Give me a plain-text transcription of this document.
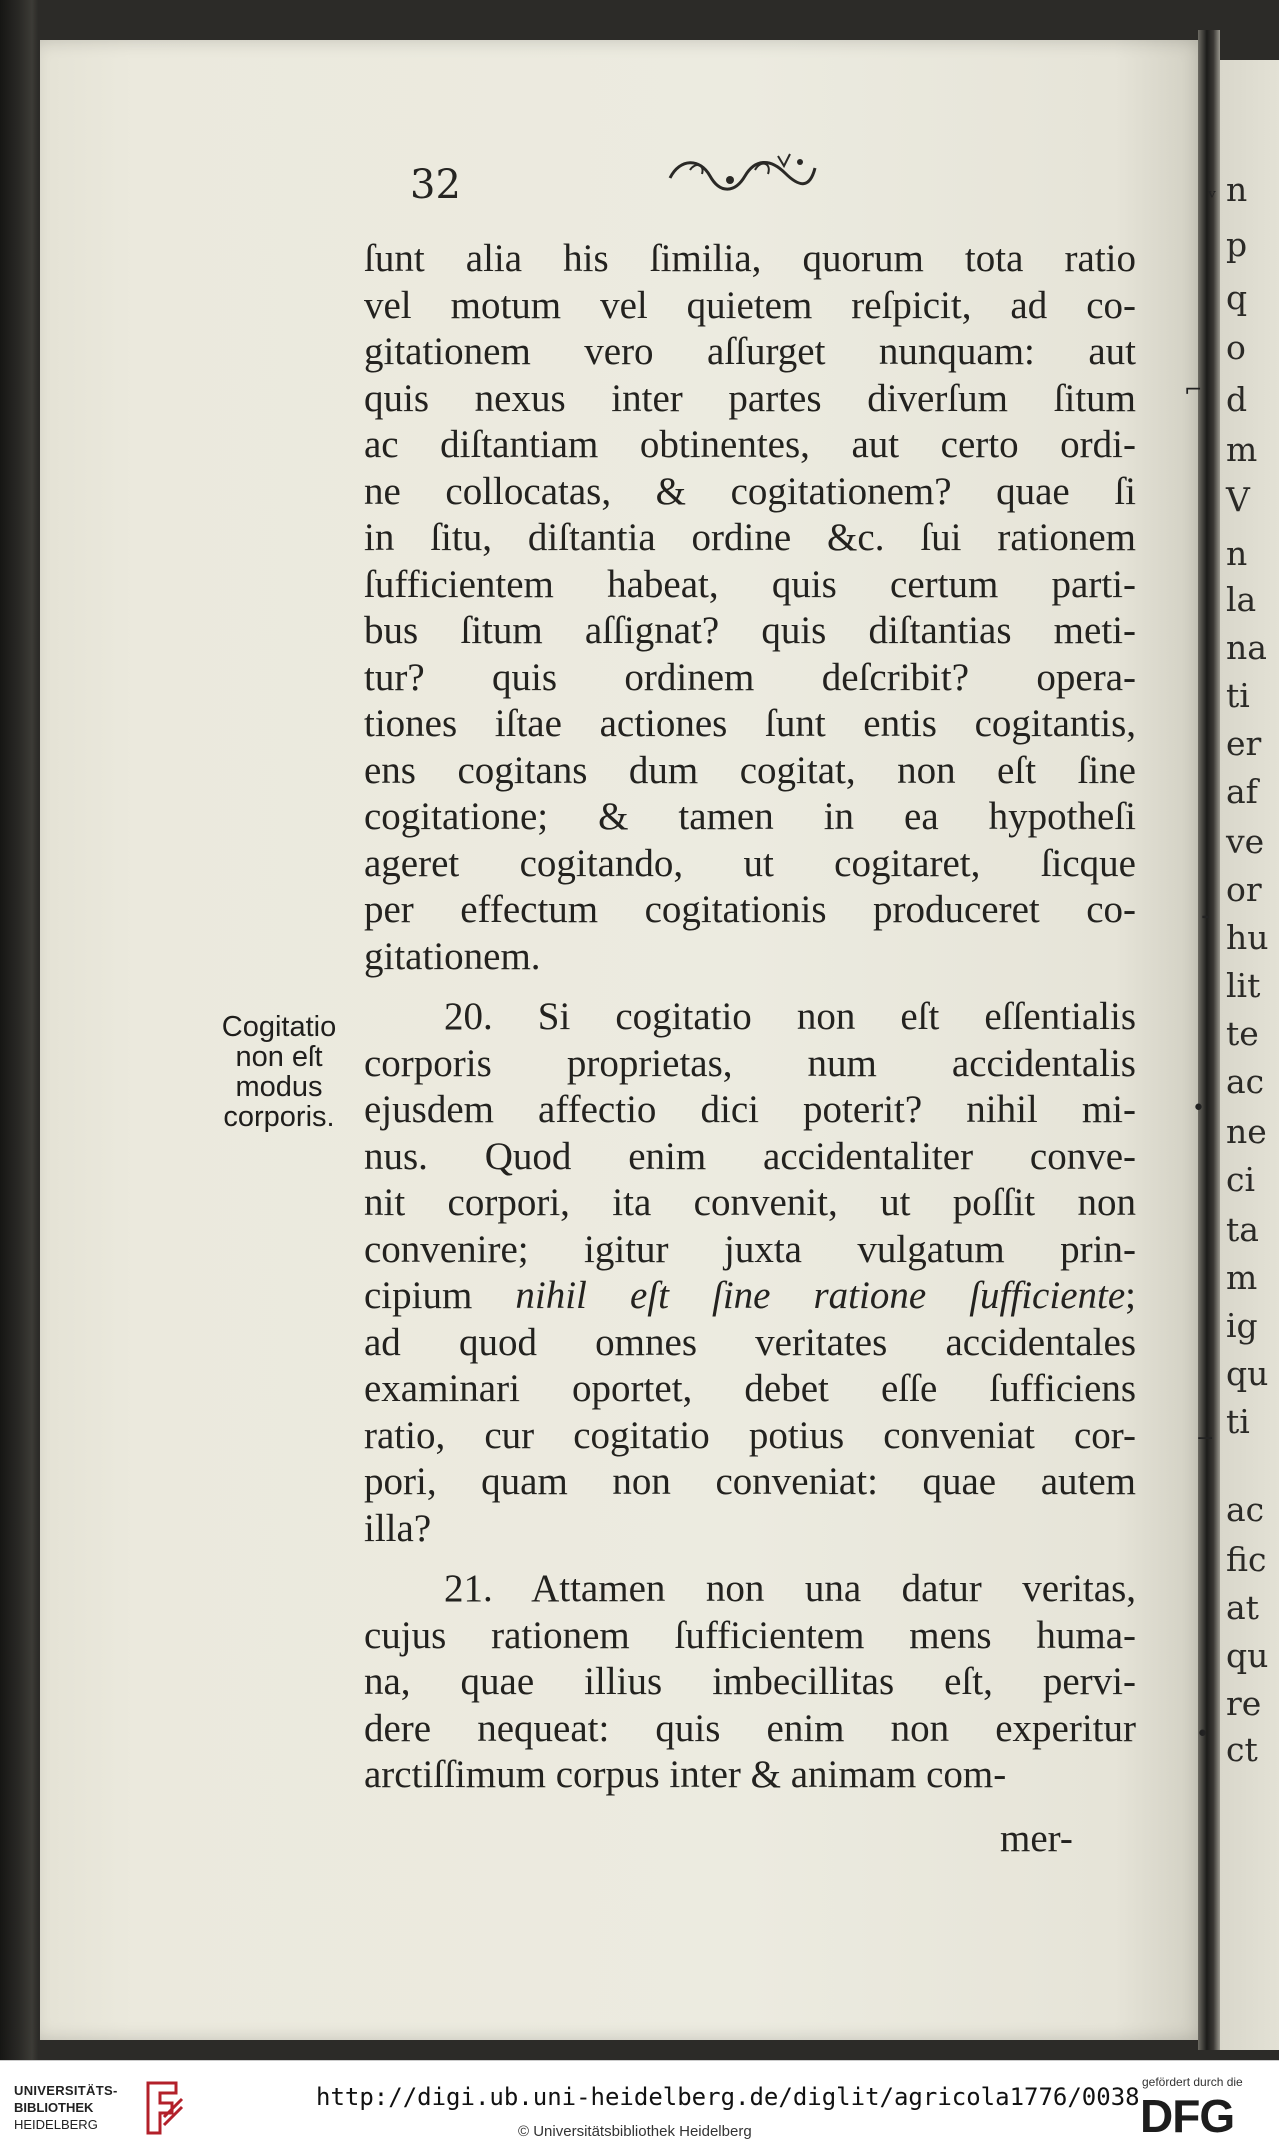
n
p
q
o
d
m
V
n
la
na
ti
er
af
ve
or
hu
lit
te
ac
ne
ci
ta
m
ig
qu
ti
ac
fic
at
qu
re
ct
32
ſunt alia his ſimilia, quorum tota ratio
vel motum vel quietem reſpicit, ad co-
gitationem vero aſſurget nunquam: aut
quis nexus inter partes diverſum ſitum
ac diſtantiam obtinentes, aut certo ordi-
ne collocatas, & cogitationem? quae ſi
in ſitu, diſtantia ordine &c. ſui rationem
ſufficientem habeat, quis certum parti-
bus ſitum aſſignat? quis diſtantias meti-
tur? quis ordinem deſcribit? opera-
tiones iſtae actiones ſunt entis cogitantis,
ens cogitans dum cogitat, non eſt ſine
cogitatione; & tamen in ea hypotheſi
ageret cogitando, ut cogitaret, ſicque
per effectum cogitationis produceret co-
gitationem.
20. Si cogitatio non eſt eſſentialis
corporis proprietas, num accidentalis
ejusdem affectio dici poterit? nihil mi-
nus. Quod enim accidentaliter conve-
nit corpori, ita convenit, ut poſſit non
convenire; igitur juxta vulgatum prin-
cipium nihil eſt ſine ratione ſufficiente;
ad quod omnes veritates accidentales
examinari oportet, debet eſſe ſufficiens
ratio, cur cogitatio potius conveniat cor-
pori, quam non conveniat: quae autem
illa?
21. Attamen non una datur veritas,
cujus rationem ſufficientem mens huma-
na, quae illius imbecillitas eſt, pervi-
dere nequeat: quis enim non experitur
arctiſſimum corpus inter & animam com-
mer-
Cogitatio
non eſt
modus
corporis.
ᵛ
⌐
⁃
•
−
•
UNIVERSITÄTS-
BIBLIOTHEK
HEIDELBERG
http://digi.ub.uni-heidelberg.de/diglit/agricola1776/0038
© Universitätsbibliothek Heidelberg
gefördert durch die
DFG
